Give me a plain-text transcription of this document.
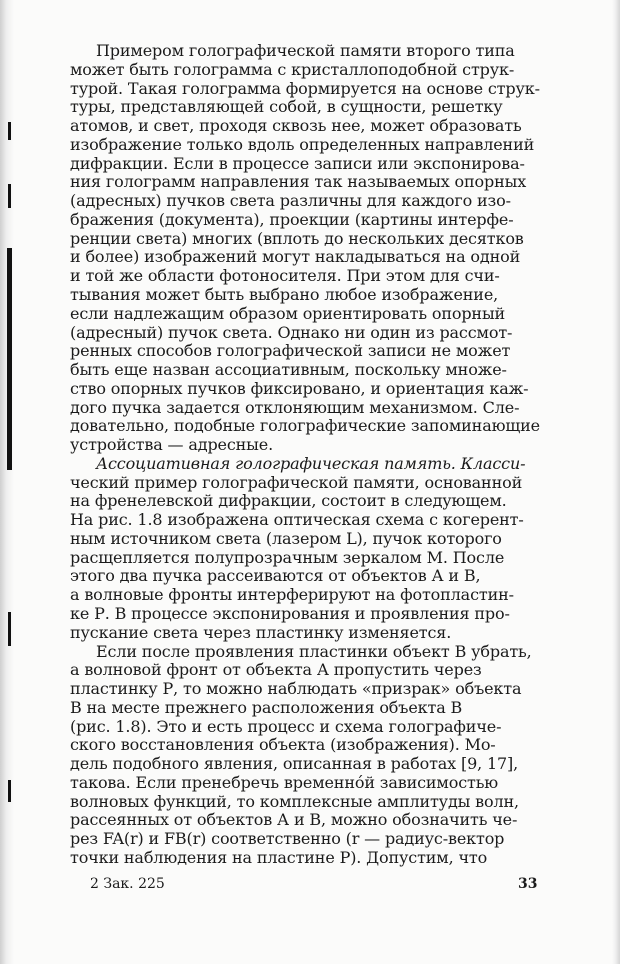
Примером голографической памяти второго типа
может быть голограмма с кристаллоподобной струк-
турой. Такая голограмма формируется на основе струк-
туры, представляющей собой, в сущности, решетку
атомов, и свет, проходя сквозь нее, может образовать
изображение только вдоль определенных направлений
дифракции. Если в процессе записи или экспонирова-
ния голограмм направления так называемых опорных
(адресных) пучков света различны для каждого изо-
бражения (документа), проекции (картины интерфе-
ренции света) многих (вплоть до нескольких десятков
и более) изображений могут накладываться на одной
и той же области фотоносителя. При этом для счи-
тывания может быть выбрано любое изображение,
если надлежащим образом ориентировать опорный
(адресный) пучок света. Однако ни один из рассмот-
ренных способов голографической записи не может
быть еще назван ассоциативным, поскольку множе-
ство опорных пучков фиксировано, и ориентация каж-
дого пучка задается отклоняющим механизмом. Сле-
довательно, подобные голографические запоминающие
устройства — адресные.
Ассоциативная голографическая память. Класси-
ческий пример голографической памяти, основанной
на френелевской дифракции, состоит в следующем.
На рис. 1.8 изображена оптическая схема с когерент-
ным источником света (лазером L), пучок которого
расщепляется полупрозрачным зеркалом М. После
этого два пучка рассеиваются от объектов А и В,
а волновые фронты интерферируют на фотопластин-
ке Р. В процессе экспонирования и проявления про-
пускание света через пластинку изменяется.
Если после проявления пластинки объект В убрать,
а волновой фронт от объекта А пропустить через
пластинку Р, то можно наблюдать «призрак» объекта
В на месте прежнего расположения объекта В
(рис. 1.8). Это и есть процесс и схема голографиче-
ского восстановления объекта (изображения). Мо-
дель подобного явления, описанная в работах [9, 17],
такова. Если пренебречь временнóй зависимостью
волновых функций, то комплексные амплитуды волн,
рассеянных от объектов А и В, можно обозначить че-
рез FA(r) и FB(r) соответственно (r — радиус-вектор
точки наблюдения на пластине Р). Допустим, что
2 Зак. 225	33
